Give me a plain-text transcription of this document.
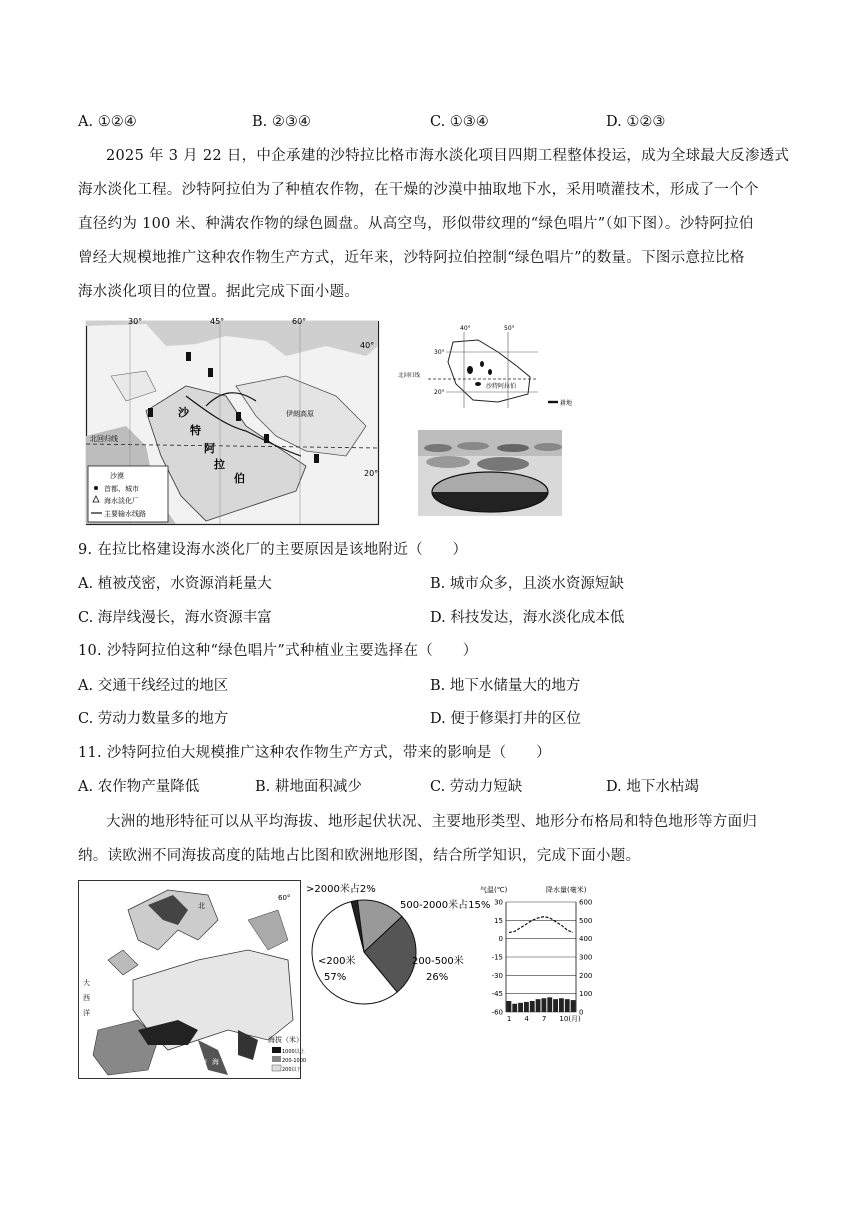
A. ①②④	B. ②③④	C. ①③④	D. ①②③
2025 年 3 月 22 日，中企承建的沙特拉比格市海水淡化项目四期工程整体投运，成为全球最大反渗透式
海水淡化工程。沙特阿拉伯为了种植农作物，在干燥的沙漠中抽取地下水，采用喷灌技术，形成了一个个
直径约为 100 米、种满农作物的绿色圆盘。从高空鸟，形似带纹理的“绿色唱片”（如下图）。沙特阿拉伯
曾经大规模地推广这种农作物生产方式，近年来，沙特阿拉伯控制“绿色唱片”的数量。下图示意拉比格
海水淡化项目的位置。据此完成下面小题。
30°	45°	60°
40°
20°
伊朗高原
沙
特
阿
拉
伯
北回归线
沙漠
首都、城市
海水淡化厂
主要输水线路
40°	50°
30°
20°
北回归线
沙特阿拉伯
耕地
9. 在拉比格建设海水淡化厂的主要原因是该地附近（　　）
A. 植被茂密，水资源消耗量大	B. 城市众多，且淡水资源短缺
C. 海岸线漫长，海水资源丰富	D. 科技发达，海水淡化成本低
10. 沙特阿拉伯这种“绿色唱片”式种植业主要选择在（　　）
A. 交通干线经过的地区	B. 地下水储量大的地方
C. 劳动力数量多的地方	D. 便于修渠打井的区位
11. 沙特阿拉伯大规模推广这种农作物生产方式，带来的影响是（　　）
A. 农作物产量降低	B. 耕地面积减少	C. 劳动力短缺	D. 地下水枯竭
大洲的地形特征可以从平均海拔、地形起伏状况、主要地形类型、地形分布格局和特色地形等方面归
纳。读欧洲不同海拔高度的陆地占比图和欧洲地形图，结合所学知识，完成下面小题。
北
大
西
洋
地 中 海
60°
海拔（米）
1000以上
200-1000
200以下
>2000米占2%
500-2000米占15%
200-500米
26%
<200米
57%
气温(℃)	降水量(毫米)
30	600
15	500
0	400
-15	300
-30	200
-45	100
-60	0
1 4 7 10(月)
